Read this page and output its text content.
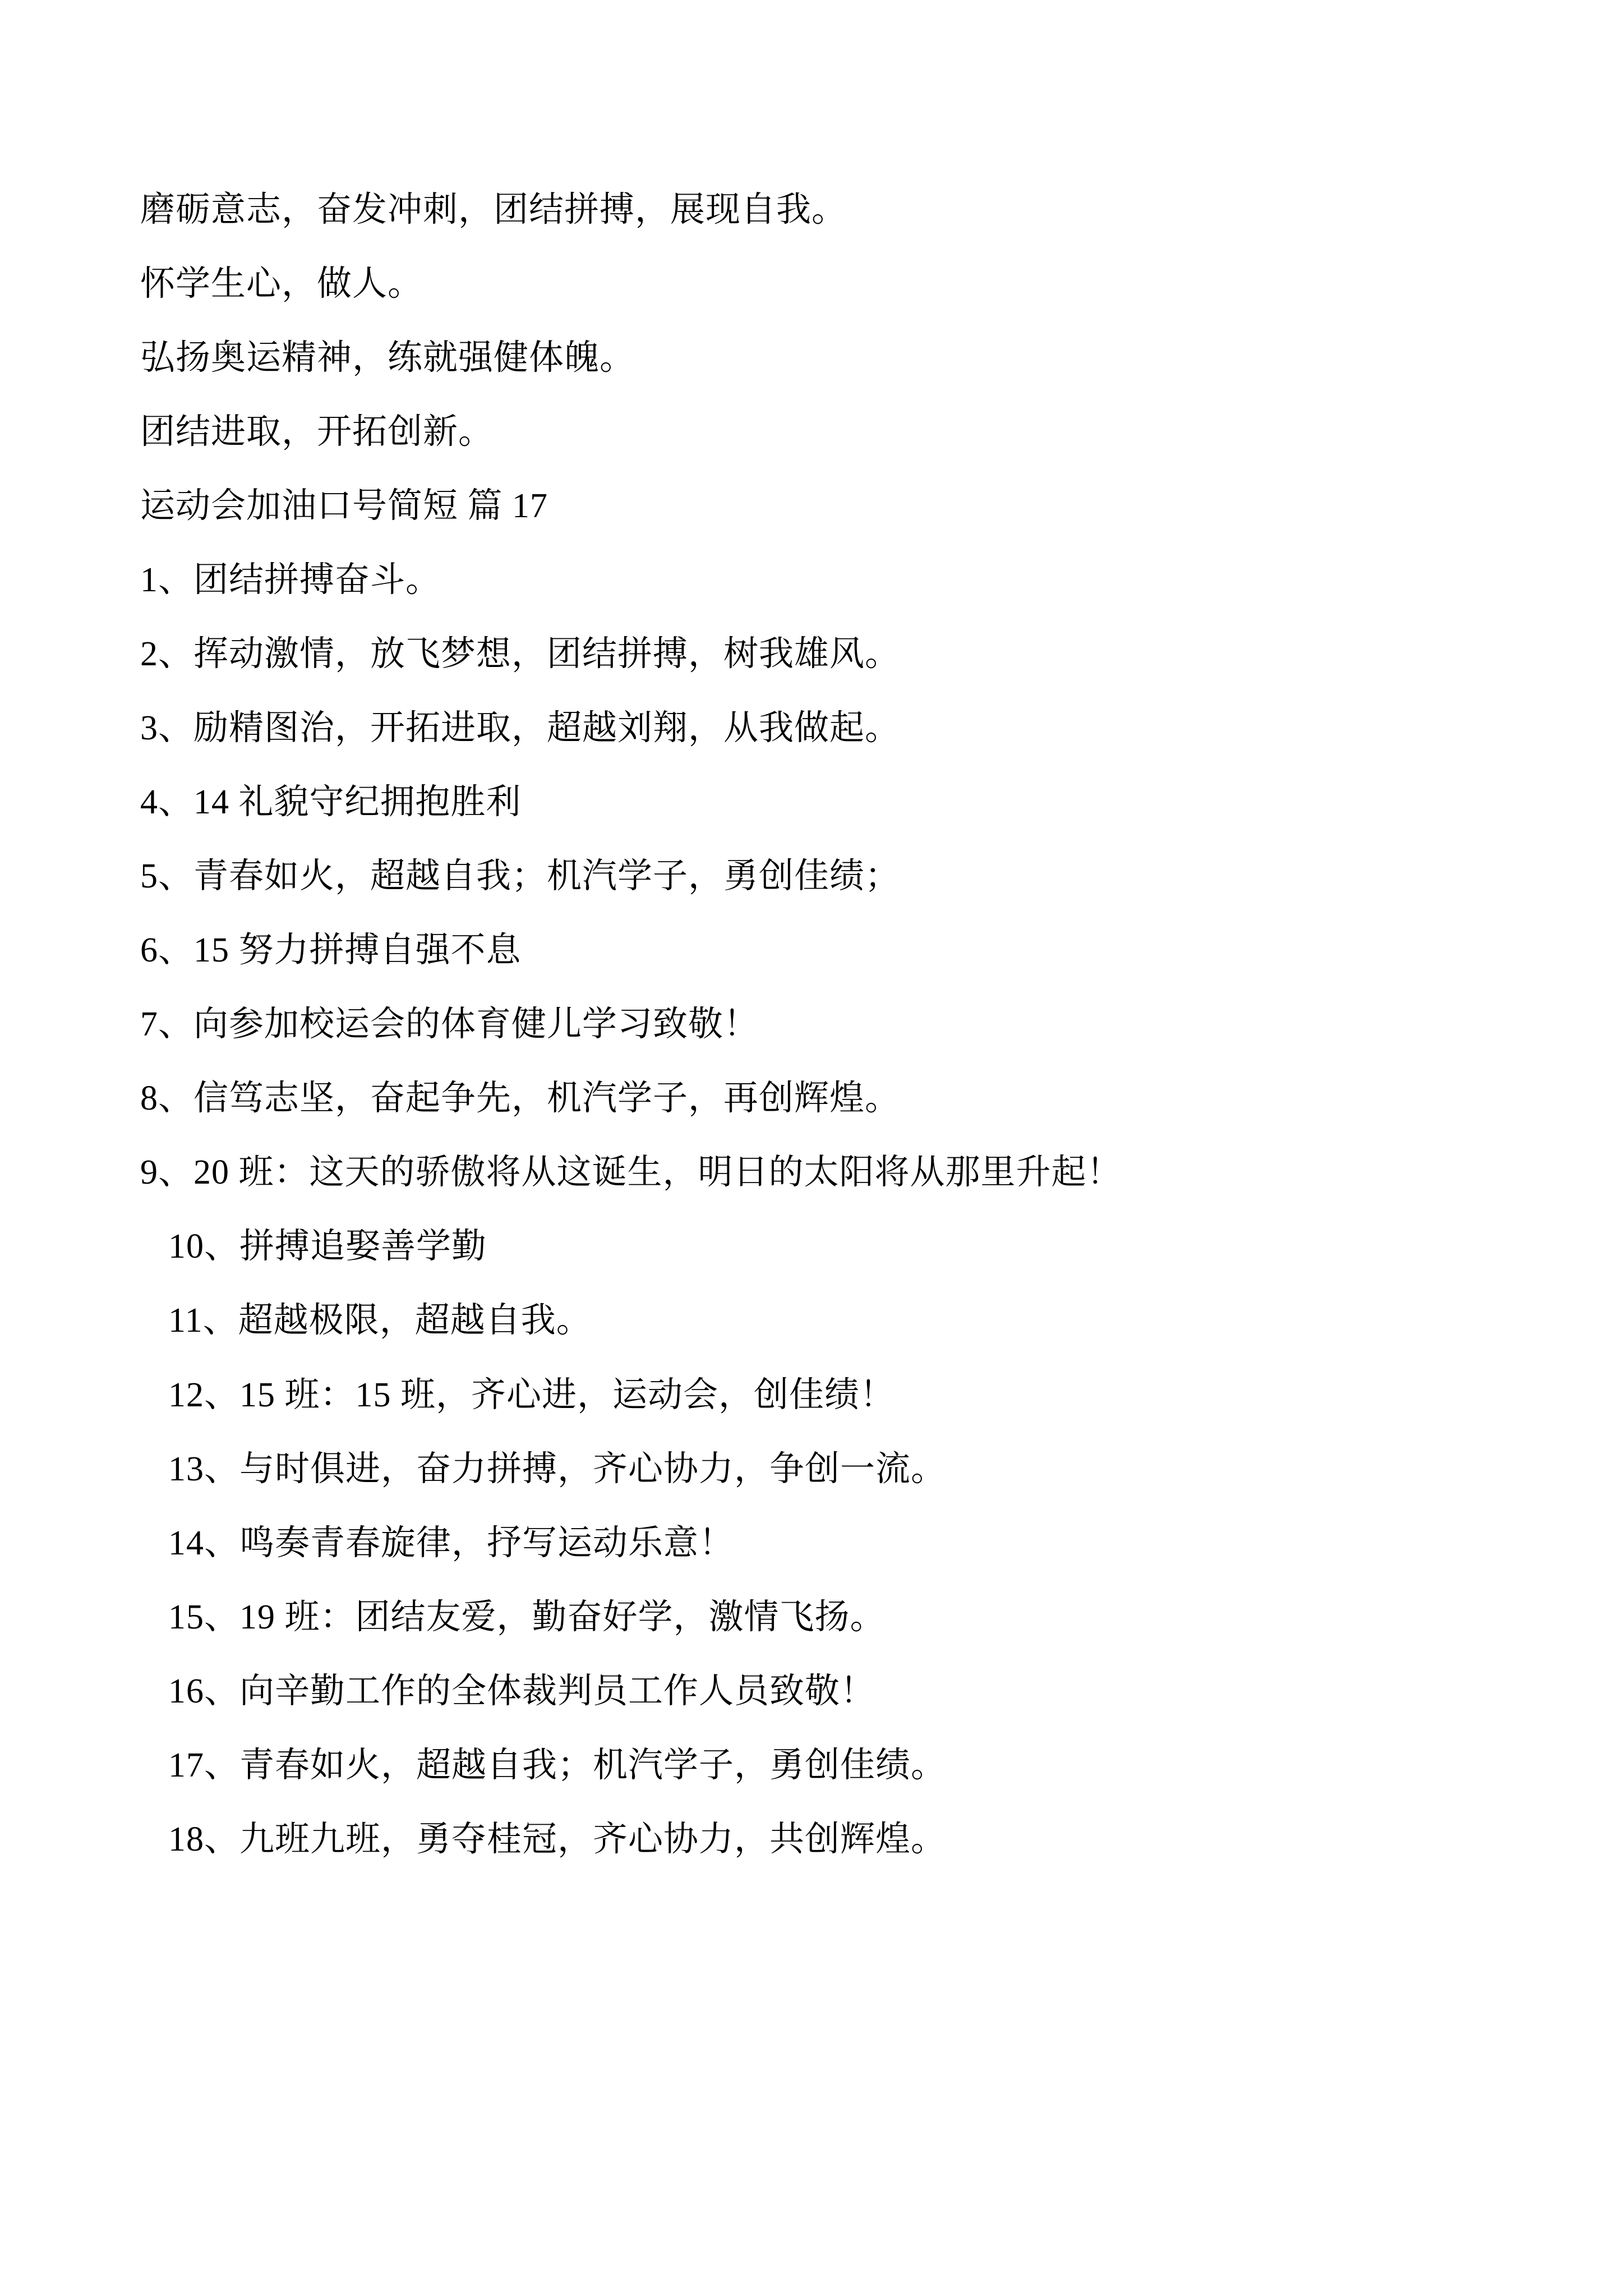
磨砺意志，奋发冲刺，团结拼搏，展现自我。

怀学生心，做人。

弘扬奥运精神，练就强健体魄。

团结进取，开拓创新。

运动会加油口号简短 篇 17

1、团结拼搏奋斗。

2、挥动激情，放飞梦想，团结拼搏，树我雄风。

3、励精图治，开拓进取，超越刘翔，从我做起。

4、14 礼貌守纪拥抱胜利

5、青春如火，超越自我；机汽学子，勇创佳绩；

6、15 努力拼搏自强不息

7、向参加校运会的体育健儿学习致敬！

8、信笃志坚，奋起争先，机汽学子，再创辉煌。

9、20 班：这天的骄傲将从这诞生，明日的太阳将从那里升起！

10、拼搏追娶善学勤

11、超越极限，超越自我。

12、15 班：15 班，齐心进，运动会，创佳绩！

13、与时俱进，奋力拼搏，齐心协力，争创一流。

14、鸣奏青春旋律，抒写运动乐意！

15、19 班：团结友爱，勤奋好学，激情飞扬。

16、向辛勤工作的全体裁判员工作人员致敬！

17、青春如火，超越自我；机汽学子，勇创佳绩。

18、九班九班，勇夺桂冠，齐心协力，共创辉煌。
